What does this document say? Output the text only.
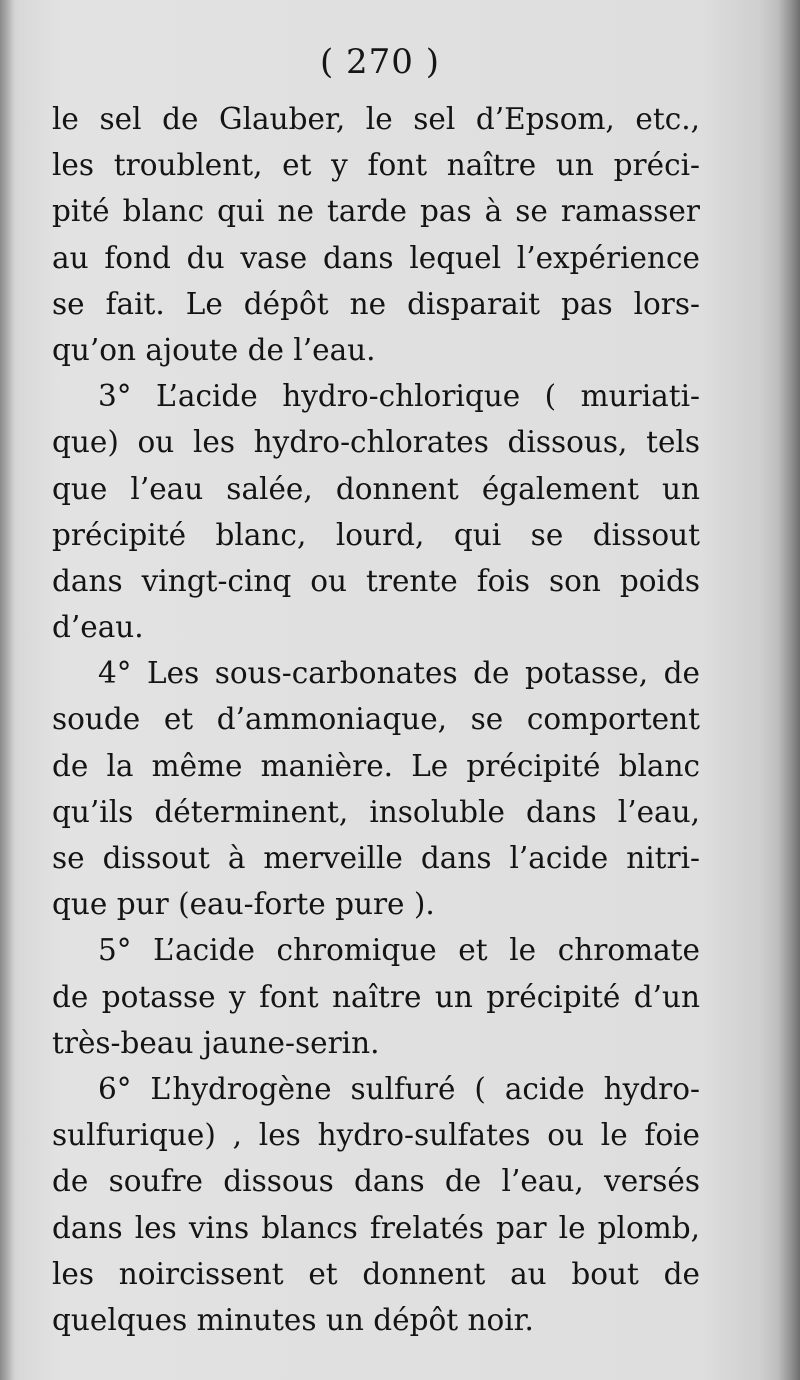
( 270 )
le sel de Glauber, le sel d’Epsom, etc.,
les troublent, et y font naître un préci-
pité blanc qui ne tarde pas à se ramasser
au fond du vase dans lequel l’expérience
se fait. Le dépôt ne disparait pas lors-
qu’on ajoute de l’eau.
3° L’acide hydro-chlorique ( muriati-
que) ou les hydro-chlorates dissous, tels
que l’eau salée, donnent également un
précipité blanc, lourd, qui se dissout
dans vingt-cinq ou trente fois son poids
d’eau.
4° Les sous-carbonates de potasse, de
soude et d’ammoniaque, se comportent
de la même manière. Le précipité blanc
qu’ils déterminent, insoluble dans l’eau,
se dissout à merveille dans l’acide nitri-
que pur (eau-forte pure ).
5° L’acide chromique et le chromate
de potasse y font naître un précipité d’un
très-beau jaune-serin.
6° L’hydrogène sulfuré ( acide hydro-
sulfurique) , les hydro-sulfates ou le foie
de soufre dissous dans de l’eau, versés
dans les vins blancs frelatés par le plomb,
les noircissent et donnent au bout de
quelques minutes un dépôt noir.
